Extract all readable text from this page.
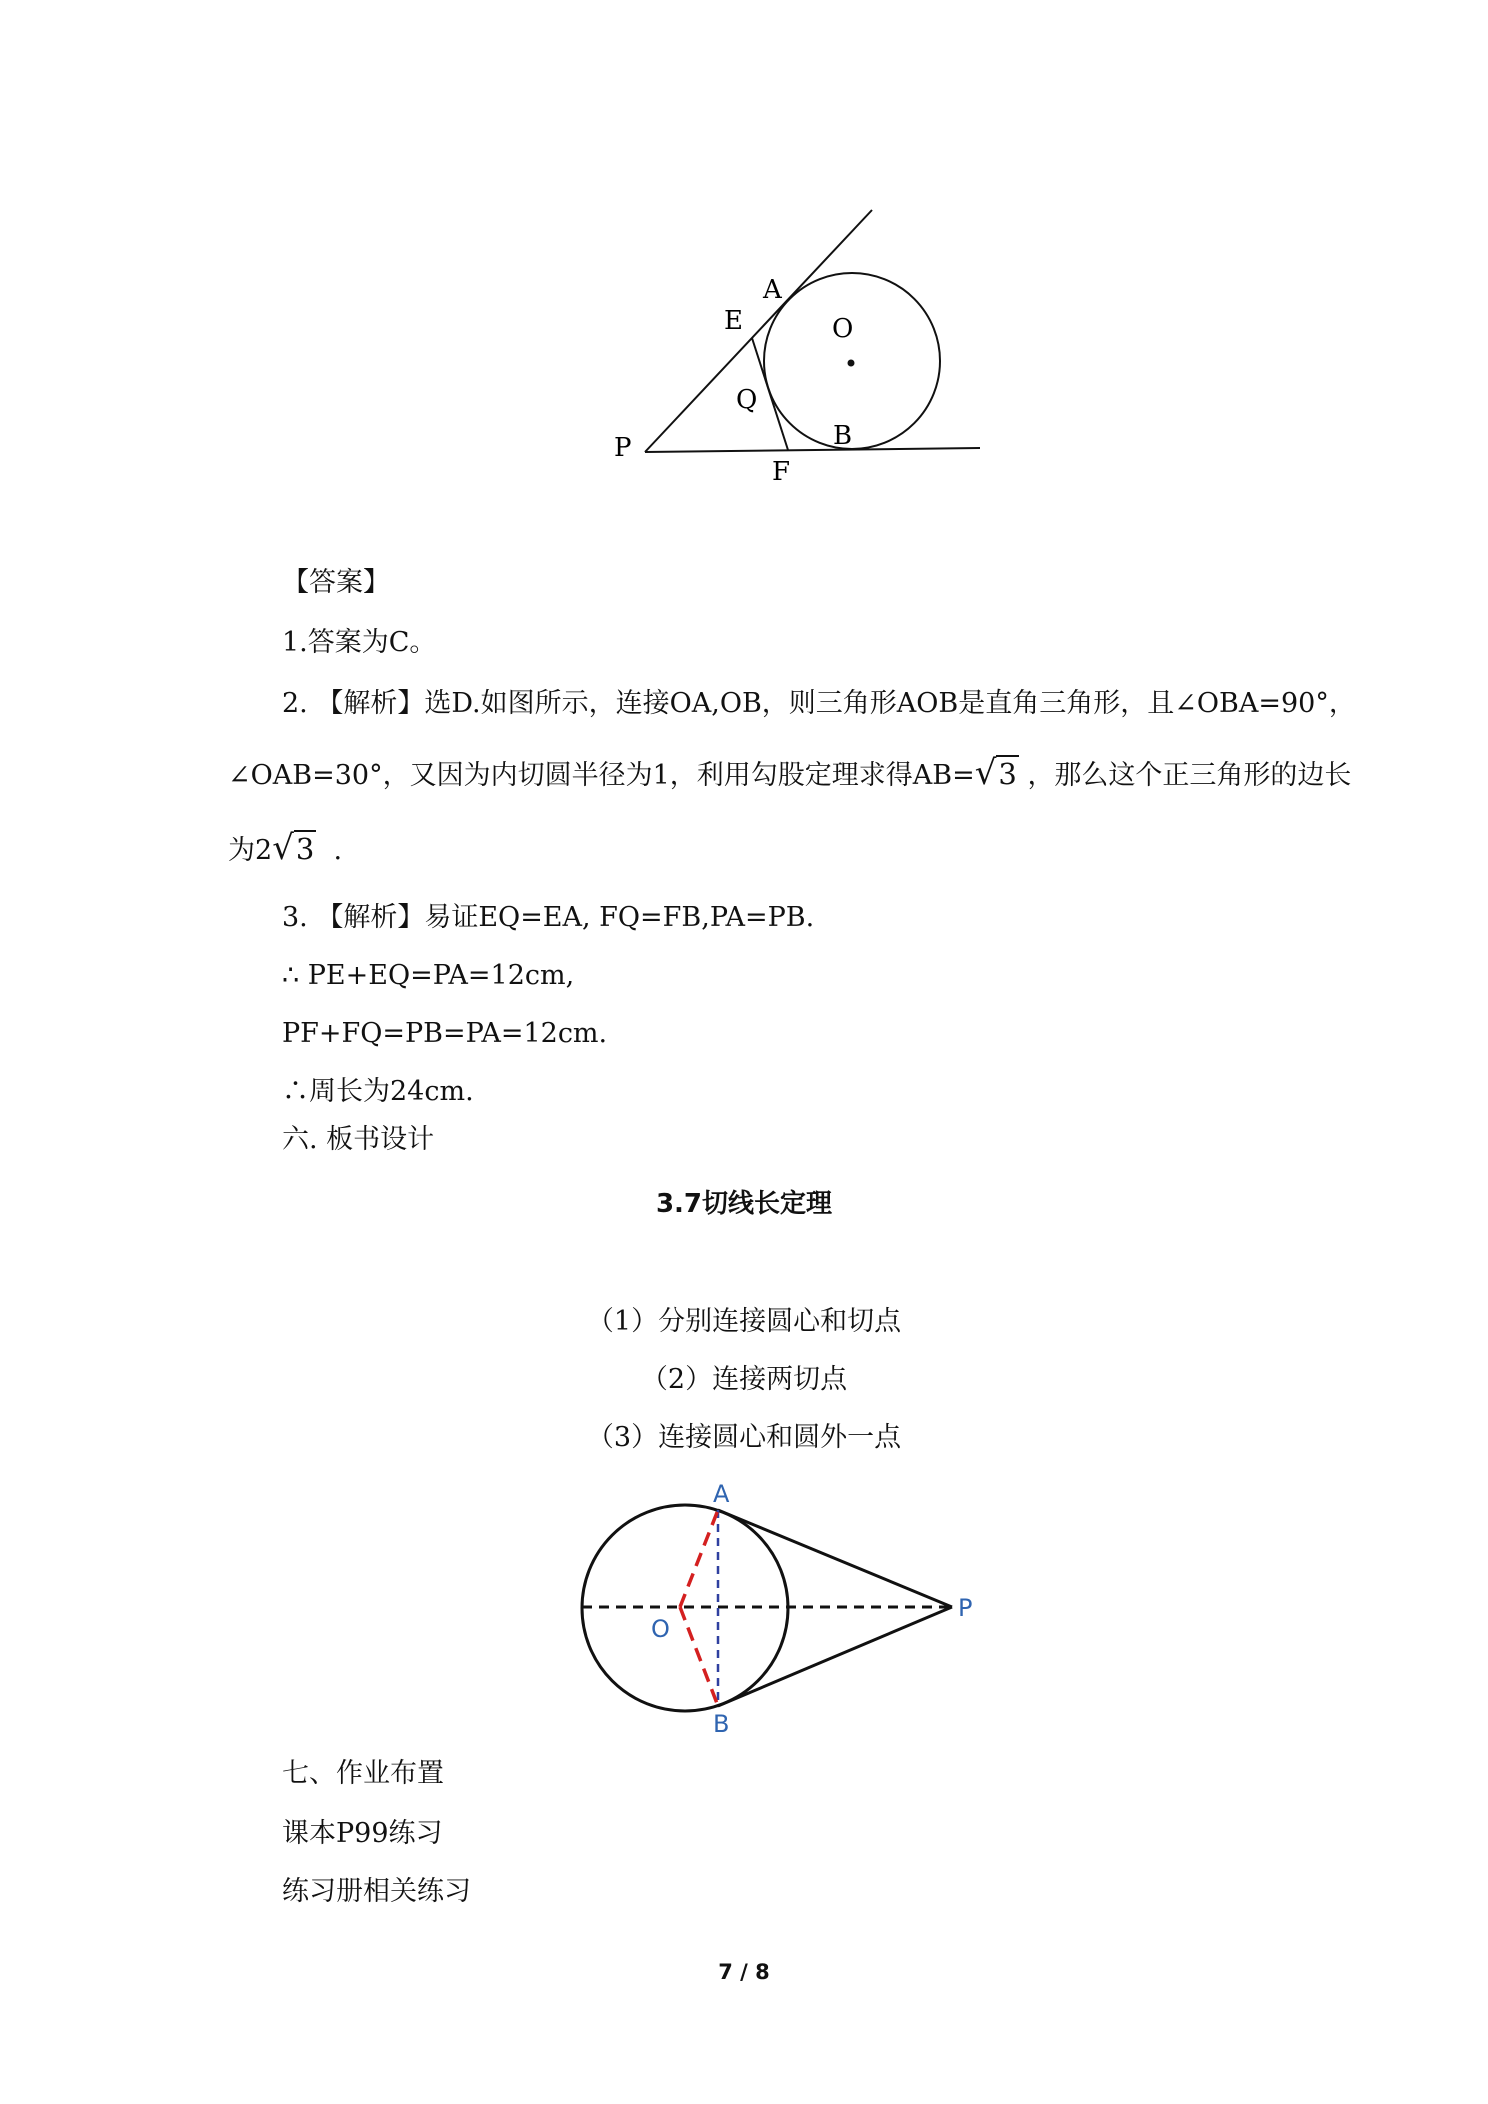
A
E	O
Q
P	B
F
【答案】
1.答案为C。
2. 【解析】选D.如图所示，连接OA,OB，则三角形AOB是直角三角形，且∠OBA=90°，
∠OAB=30°，又因为内切圆半径为1，利用勾股定理求得AB=√3 ，那么这个正三角形的边长
为2√3 .
3. 【解析】易证EQ=EA, FQ=FB,PA=PB.
∴ PE+EQ=PA=12cm,
PF+FQ=PB=PA=12cm.
∴周长为24cm.
六. 板书设计
3.7切线长定理
（1）分别连接圆心和切点
（2）连接两切点
（3）连接圆心和圆外一点
A
O
P
B
七、作业布置
课本P99练习
练习册相关练习
7 / 8
